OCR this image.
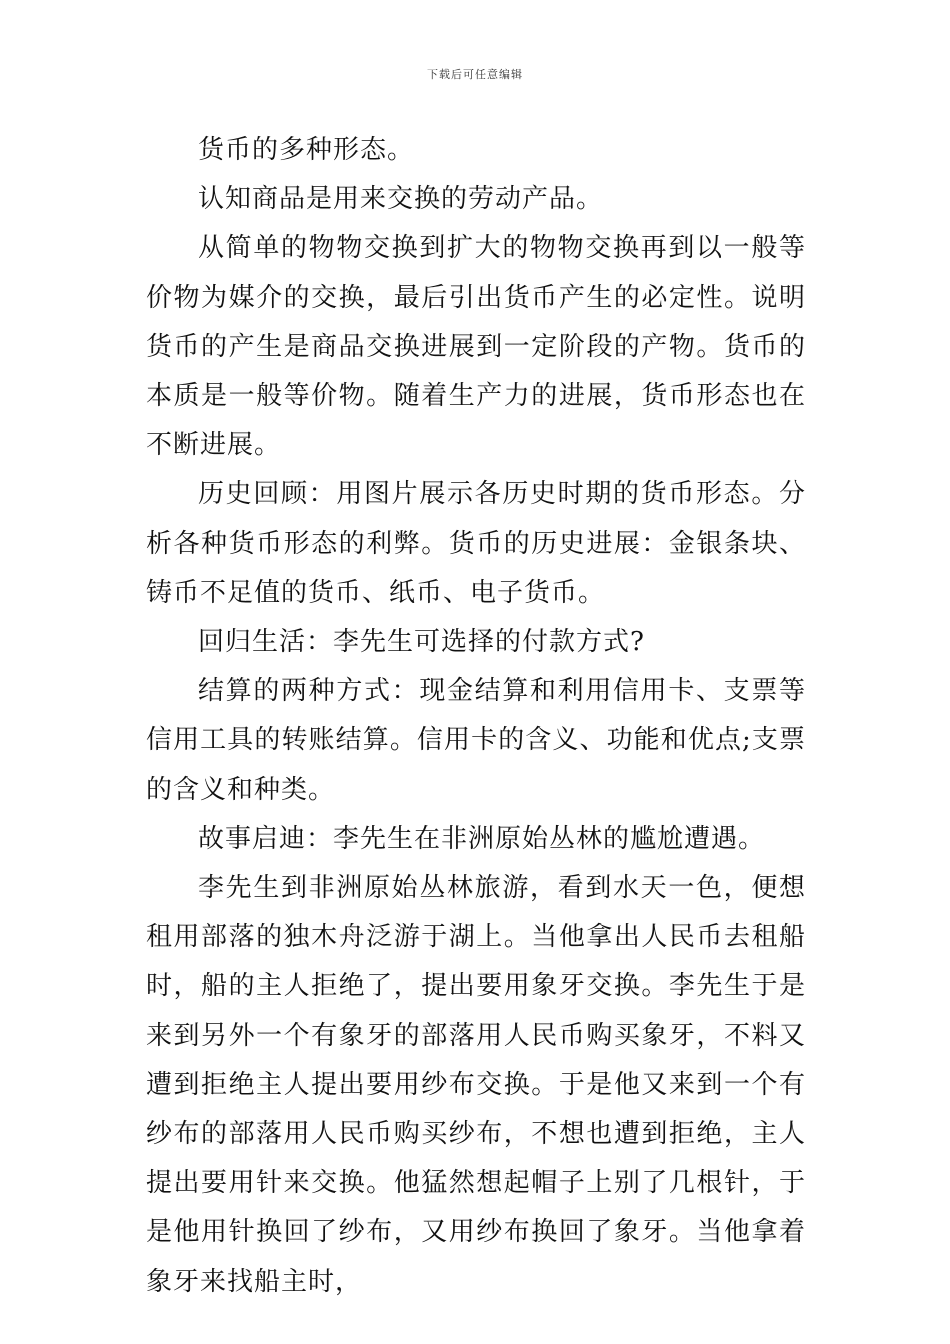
下载后可任意编辑

货币的多种形态。

认知商品是用来交换的劳动产品。

从简单的物物交换到扩大的物物交换再到以一般等价物为媒介的交换，最后引出货币产生的必定性。说明货币的产生是商品交换进展到一定阶段的产物。货币的本质是一般等价物。随着生产力的进展，货币形态也在不断进展。

历史回顾：用图片展示各历史时期的货币形态。分析各种货币形态的利弊。货币的历史进展：金银条块、铸币不足值的货币、纸币、电子货币。

回归生活：李先生可选择的付款方式?

结算的两种方式：现金结算和利用信用卡、支票等信用工具的转账结算。信用卡的含义、功能和优点;支票的含义和种类。

故事启迪：李先生在非洲原始丛林的尴尬遭遇。

李先生到非洲原始丛林旅游，看到水天一色，便想租用部落的独木舟泛游于湖上。当他拿出人民币去租船时，船的主人拒绝了，提出要用象牙交换。李先生于是来到另外一个有象牙的部落用人民币购买象牙，不料又遭到拒绝主人提出要用纱布交换。于是他又来到一个有纱布的部落用人民币购买纱布，不想也遭到拒绝，主人提出要用针来交换。他猛然想起帽子上别了几根针，于是他用针换回了纱布，又用纱布换回了象牙。当他拿着象牙来找船主时，
